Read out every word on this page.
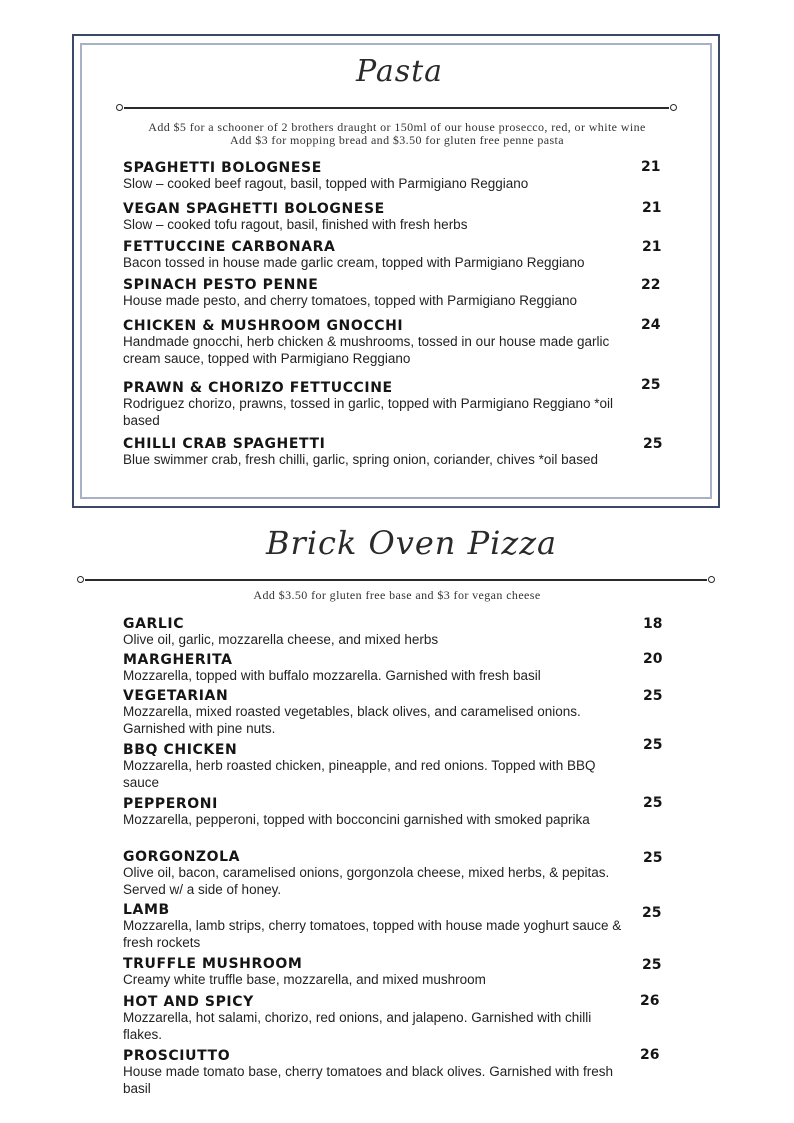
Pasta
Add $5 for a schooner of 2 brothers draught or 150ml of our house prosecco, red, or white wine
Add $3 for mopping bread and $3.50 for gluten free penne pasta
SPAGHETTI BOLOGNESE
Slow – cooked beef ragout, basil, topped with Parmigiano Reggiano
21
VEGAN SPAGHETTI BOLOGNESE
Slow – cooked tofu ragout, basil, finished with fresh herbs
21
FETTUCCINE CARBONARA
Bacon tossed in house made garlic cream, topped with Parmigiano Reggiano
21
SPINACH PESTO PENNE
House made pesto, and cherry tomatoes, topped with Parmigiano Reggiano
22
CHICKEN & MUSHROOM GNOCCHI
Handmade gnocchi, herb chicken & mushrooms, tossed in our house made garlic cream sauce, topped with Parmigiano Reggiano
24
PRAWN & CHORIZO FETTUCCINE
Rodriguez chorizo, prawns, tossed in garlic, topped with Parmigiano Reggiano *oil based
25
CHILLI CRAB SPAGHETTI
Blue swimmer crab, fresh chilli, garlic, spring onion, coriander, chives *oil based
25
Brick Oven Pizza
Add $3.50 for gluten free base and $3 for vegan cheese
GARLIC
Olive oil, garlic, mozzarella cheese, and mixed herbs
18
MARGHERITA
Mozzarella, topped with buffalo mozzarella. Garnished with fresh basil
20
VEGETARIAN
Mozzarella, mixed roasted vegetables, black olives, and caramelised onions. Garnished with pine nuts.
25
BBQ CHICKEN
Mozzarella, herb roasted chicken, pineapple, and red onions. Topped with BBQ sauce
25
PEPPERONI
Mozzarella, pepperoni, topped with bocconcini garnished with smoked paprika
25
GORGONZOLA
Olive oil, bacon, caramelised onions, gorgonzola cheese, mixed herbs, & pepitas. Served w/ a side of honey.
25
LAMB
Mozzarella, lamb strips, cherry tomatoes, topped with house made yoghurt sauce & fresh rockets
25
TRUFFLE MUSHROOM
Creamy white truffle base, mozzarella, and mixed mushroom
25
HOT AND SPICY
Mozzarella, hot salami, chorizo, red onions, and jalapeno. Garnished with chilli flakes.
26
PROSCIUTTO
House made tomato base, cherry tomatoes and black olives. Garnished with fresh basil
26
